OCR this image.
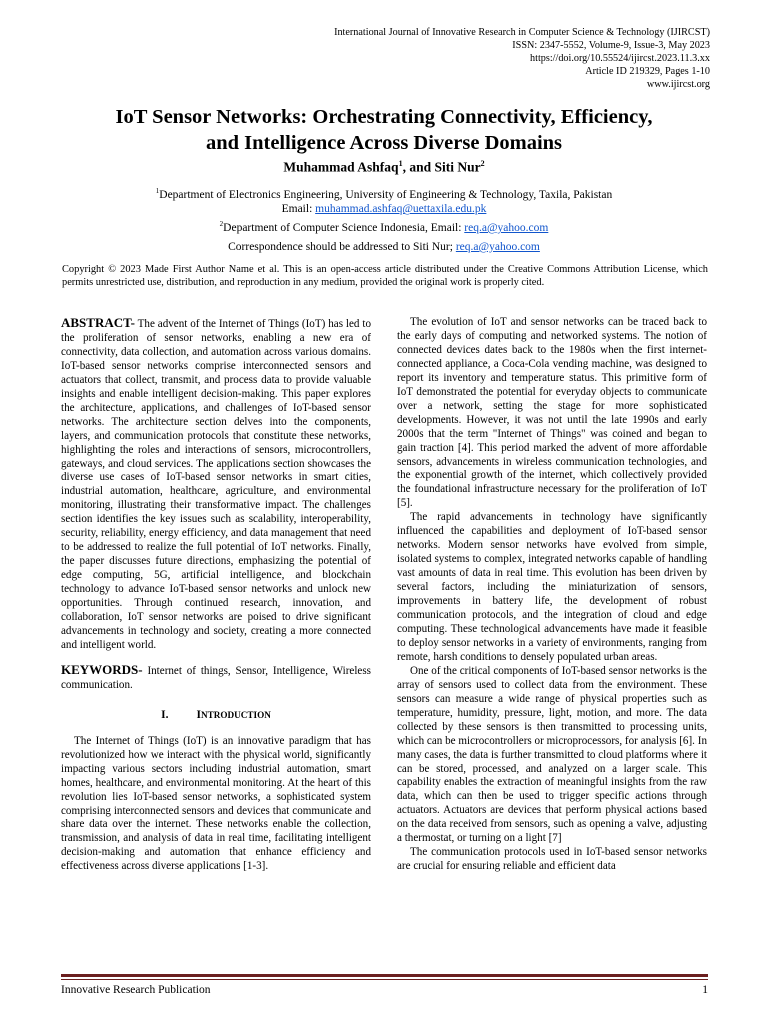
International Journal of Innovative Research in Computer Science & Technology (IJIRCST)
ISSN: 2347-5552, Volume-9, Issue-3, May 2023
https://doi.org/10.55524/ijircst.2023.11.3.xx
Article ID 219329, Pages 1-10
www.ijircst.org
IoT Sensor Networks: Orchestrating Connectivity, Efficiency,
and Intelligence Across Diverse Domains
Muhammad Ashfaq$^1$, and Siti Nur$^2$
$^1$Department of Electronics Engineering, University of Engineering & Technology, Taxila, Pakistan
Email: muhammad.ashfaq@uettaxila.edu.pk
$^2$Department of Computer Science Indonesia, Email: req.a@yahoo.com
Correspondence should be addressed to Siti Nur; req.a@yahoo.com
Copyright © 2023 Made First Author Name et al. This is an open-access article distributed under the Creative Commons Attribution License, which permits unrestricted use, distribution, and reproduction in any medium, provided the original work is properly cited.

ABSTRACT- The advent of the Internet of Things (IoT) has led to the proliferation of sensor networks, enabling a new era of connectivity, data collection, and automation across various domains. IoT-based sensor networks comprise interconnected sensors and actuators that collect, transmit, and process data to provide valuable insights and enable intelligent decision-making. This paper explores the architecture, applications, and challenges of IoT-based sensor networks. The architecture section delves into the components, layers, and communication protocols that constitute these networks, highlighting the roles and interactions of sensors, microcontrollers, gateways, and cloud services. The applications section showcases the diverse use cases of IoT-based sensor networks in smart cities, industrial automation, healthcare, agriculture, and environmental monitoring, illustrating their transformative impact. The challenges section identifies the key issues such as scalability, interoperability, security, reliability, energy efficiency, and data management that need to be addressed to realize the full potential of IoT networks. Finally, the paper discusses future directions, emphasizing the potential of edge computing, 5G, artificial intelligence, and blockchain technology to advance IoT-based sensor networks and unlock new opportunities. Through continued research, innovation, and collaboration, IoT sensor networks are poised to drive significant advancements in technology and society, creating a more connected and intelligent world.

KEYWORDS- Internet of things, Sensor, Intelligence, Wireless communication.

I. INTRODUCTION

The Internet of Things (IoT) is an innovative paradigm that has revolutionized how we interact with the physical world, significantly impacting various sectors including industrial automation, smart homes, healthcare, and environmental monitoring. At the heart of this revolution lies IoT-based sensor networks, a sophisticated system comprising interconnected sensors and devices that communicate and share data over the internet. These networks enable the collection, transmission, and analysis of data in real time, facilitating intelligent decision-making and automation that enhance efficiency and effectiveness across diverse applications [1-3].

The evolution of IoT and sensor networks can be traced back to the early days of computing and networked systems. The notion of connected devices dates back to the 1980s when the first internet-connected appliance, a Coca-Cola vending machine, was designed to report its inventory and temperature status. This primitive form of IoT demonstrated the potential for everyday objects to communicate over a network, setting the stage for more sophisticated developments. However, it was not until the late 1990s and early 2000s that the term "Internet of Things" was coined and began to gain traction [4]. This period marked the advent of more affordable sensors, advancements in wireless communication technologies, and the exponential growth of the internet, which collectively provided the foundational infrastructure necessary for the proliferation of IoT [5].

The rapid advancements in technology have significantly influenced the capabilities and deployment of IoT-based sensor networks. Modern sensor networks have evolved from simple, isolated systems to complex, integrated networks capable of handling vast amounts of data in real time. This evolution has been driven by several factors, including the miniaturization of sensors, improvements in battery life, the development of robust communication protocols, and the integration of cloud and edge computing. These technological advancements have made it feasible to deploy sensor networks in a variety of environments, ranging from remote, harsh conditions to densely populated urban areas.

One of the critical components of IoT-based sensor networks is the array of sensors used to collect data from the environment. These sensors can measure a wide range of physical properties such as temperature, humidity, pressure, light, motion, and more. The data collected by these sensors is then transmitted to processing units, which can be microcontrollers or microprocessors, for analysis [6]. In many cases, the data is further transmitted to cloud platforms where it can be stored, processed, and analyzed on a larger scale. This capability enables the extraction of meaningful insights from the raw data, which can then be used to trigger specific actions through actuators. Actuators are devices that perform physical actions based on the data received from sensors, such as opening a valve, adjusting a thermostat, or turning on a light [7]

The communication protocols used in IoT-based sensor networks are crucial for ensuring reliable and efficient data

Innovative Research Publication	1
